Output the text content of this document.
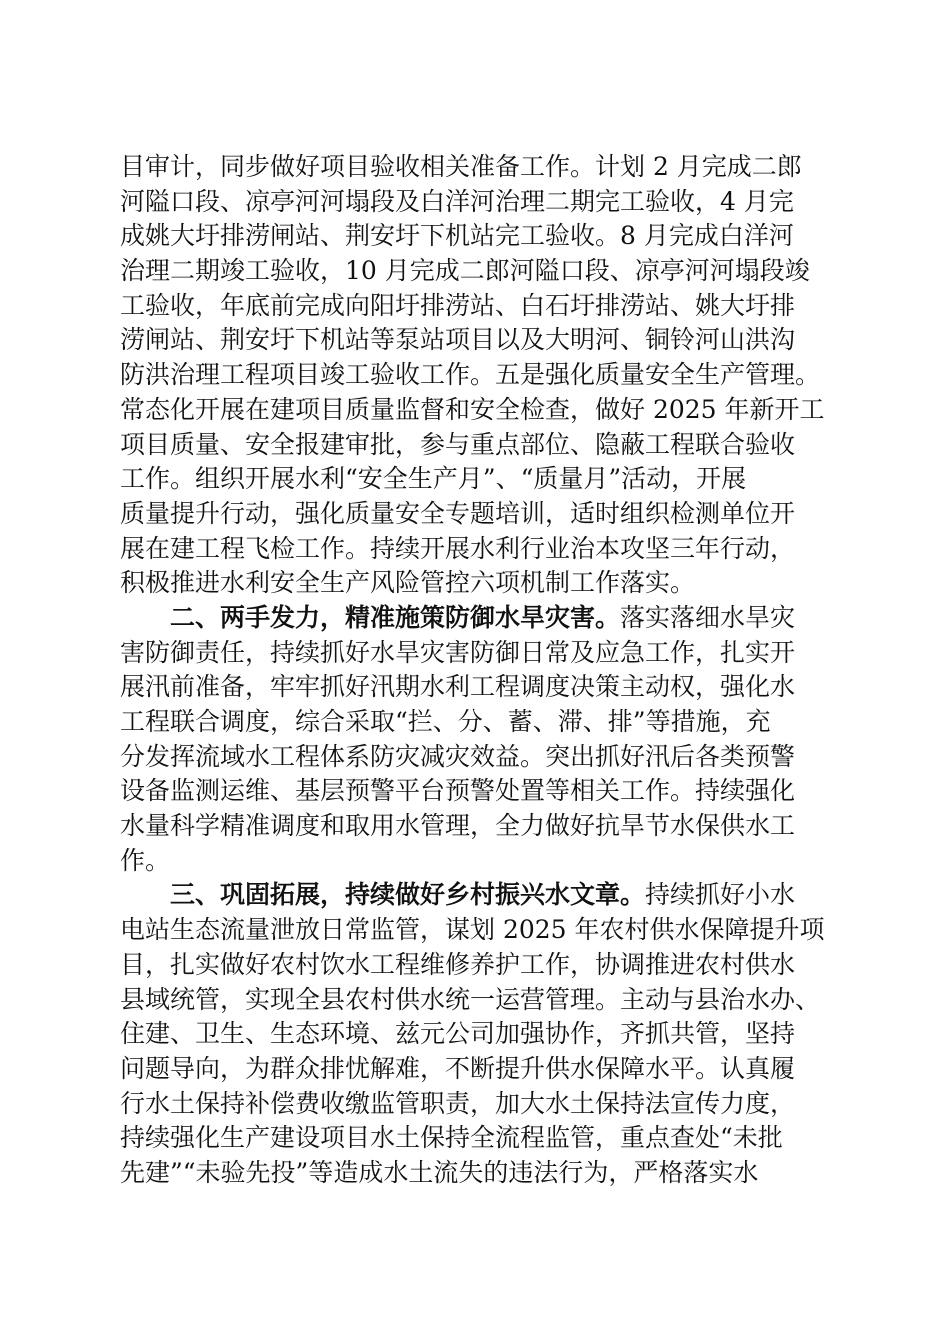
目审计，同步做好项目验收相关准备工作。计划 2 月完成二郎
河隘口段、凉亭河河塌段及白洋河治理二期完工验收，4 月完
成姚大圩排涝闸站、荆安圩下机站完工验收。8 月完成白洋河
治理二期竣工验收，10 月完成二郎河隘口段、凉亭河河塌段竣
工验收，年底前完成向阳圩排涝站、白石圩排涝站、姚大圩排
涝闸站、荆安圩下机站等泵站项目以及大明河、铜铃河山洪沟
防洪治理工程项目竣工验收工作。五是强化质量安全生产管理。
常态化开展在建项目质量监督和安全检查，做好 2025 年新开工
项目质量、安全报建审批，参与重点部位、隐蔽工程联合验收
工作。组织开展水利“安全生产月”、“质量月”活动，开展
质量提升行动，强化质量安全专题培训，适时组织检测单位开
展在建工程飞检工作。持续开展水利行业治本攻坚三年行动，
积极推进水利安全生产风险管控六项机制工作落实。
二、两手发力，精准施策防御水旱灾害。落实落细水旱灾
害防御责任，持续抓好水旱灾害防御日常及应急工作，扎实开
展汛前准备，牢牢抓好汛期水利工程调度决策主动权，强化水
工程联合调度，综合采取“拦、分、蓄、滞、排”等措施，充
分发挥流域水工程体系防灾减灾效益。突出抓好汛后各类预警
设备监测运维、基层预警平台预警处置等相关工作。持续强化
水量科学精准调度和取用水管理，全力做好抗旱节水保供水工
作。
三、巩固拓展，持续做好乡村振兴水文章。持续抓好小水
电站生态流量泄放日常监管，谋划 2025 年农村供水保障提升项
目，扎实做好农村饮水工程维修养护工作，协调推进农村供水
县域统管，实现全县农村供水统一运营管理。主动与县治水办、
住建、卫生、生态环境、兹元公司加强协作，齐抓共管，坚持
问题导向，为群众排忧解难，不断提升供水保障水平。认真履
行水土保持补偿费收缴监管职责，加大水土保持法宣传力度，
持续强化生产建设项目水土保持全流程监管，重点查处“未批
先建”“未验先投”等造成水土流失的违法行为，严格落实水
